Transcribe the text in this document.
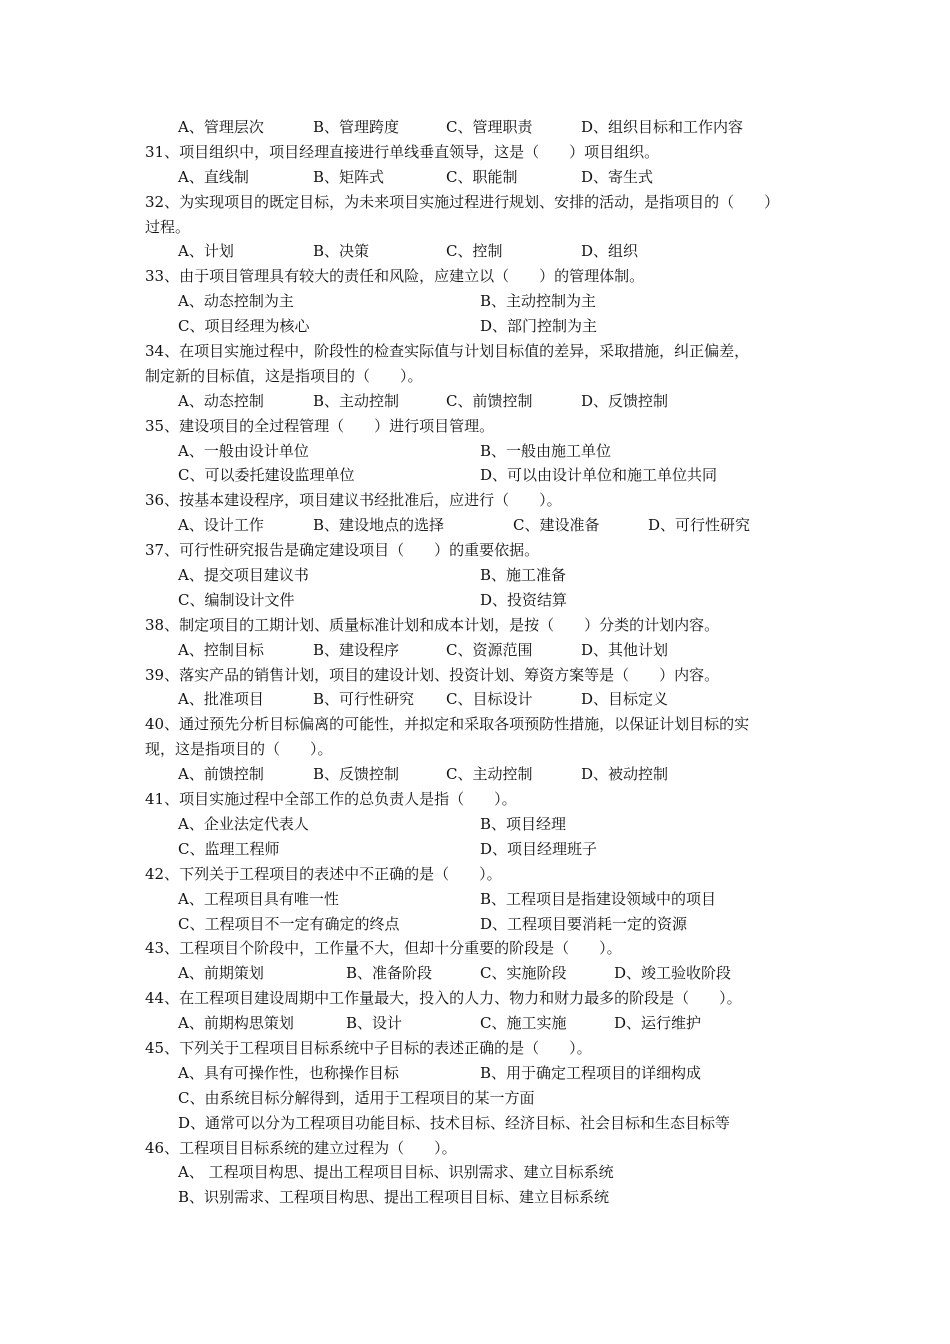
A、管理层次	B、管理跨度	C、管理职责	D、组织目标和工作内容
31、项目组织中，项目经理直接进行单线垂直领导，这是（　　）项目组织。
A、直线制	B、矩阵式	C、职能制	D、寄生式
32、为实现项目的既定目标，为未来项目实施过程进行规划、安排的活动，是指项目的（　　）
过程。
A、计划	B、决策	C、控制	D、组织
33、由于项目管理具有较大的责任和风险，应建立以（　　）的管理体制。
A、动态控制为主	B、主动控制为主
C、项目经理为核心	D、部门控制为主
34、在项目实施过程中，阶段性的检查实际值与计划目标值的差异，采取措施，纠正偏差，
制定新的目标值，这是指项目的（　　）。
A、动态控制	B、主动控制	C、前馈控制	D、反馈控制
35、建设项目的全过程管理（　　）进行项目管理。
A、一般由设计单位	B、一般由施工单位
C、可以委托建设监理单位	D、可以由设计单位和施工单位共同
36、按基本建设程序，项目建议书经批准后，应进行（　　）。
A、设计工作	B、建设地点的选择	C、建设准备	D、可行性研究
37、可行性研究报告是确定建设项目（　　）的重要依据。
A、提交项目建议书	B、施工准备
C、编制设计文件	D、投资结算
38、制定项目的工期计划、质量标准计划和成本计划，是按（　　）分类的计划内容。
A、控制目标	B、建设程序	C、资源范围	D、其他计划
39、落实产品的销售计划，项目的建设计划、投资计划、筹资方案等是（　　）内容。
A、批准项目	B、可行性研究 C、目标设计	D、目标定义
40、通过预先分析目标偏离的可能性，并拟定和采取各项预防性措施，以保证计划目标的实
现，这是指项目的（　　）。
A、前馈控制	B、反馈控制	C、主动控制	D、被动控制
41、项目实施过程中全部工作的总负责人是指（　　）。
A、企业法定代表人	B、项目经理
C、监理工程师	D、项目经理班子
42、下列关于工程项目的表述中不正确的是（　　）。
A、工程项目具有唯一性	B、工程项目是指建设领域中的项目
C、工程项目不一定有确定的终点	D、工程项目要消耗一定的资源
43、工程项目个阶段中，工作量不大，但却十分重要的阶段是（　　）。
A、前期策划	B、准备阶段	C、实施阶段	D、竣工验收阶段
44、在工程项目建设周期中工作量最大，投入的人力、物力和财力最多的阶段是（　　）。
A、前期构思策划	B、设计	C、施工实施	D、运行维护
45、下列关于工程项目目标系统中子目标的表述正确的是（　　）。
A、具有可操作性，也称操作目标	B、用于确定工程项目的详细构成
C、由系统目标分解得到，适用于工程项目的某一方面
D、通常可以分为工程项目功能目标、技术目标、经济目标、社会目标和生态目标等
46、工程项目目标系统的建立过程为（　　）。
A、 工程项目构思、提出工程项目目标、识别需求、建立目标系统
B、识别需求、工程项目构思、提出工程项目目标、建立目标系统
